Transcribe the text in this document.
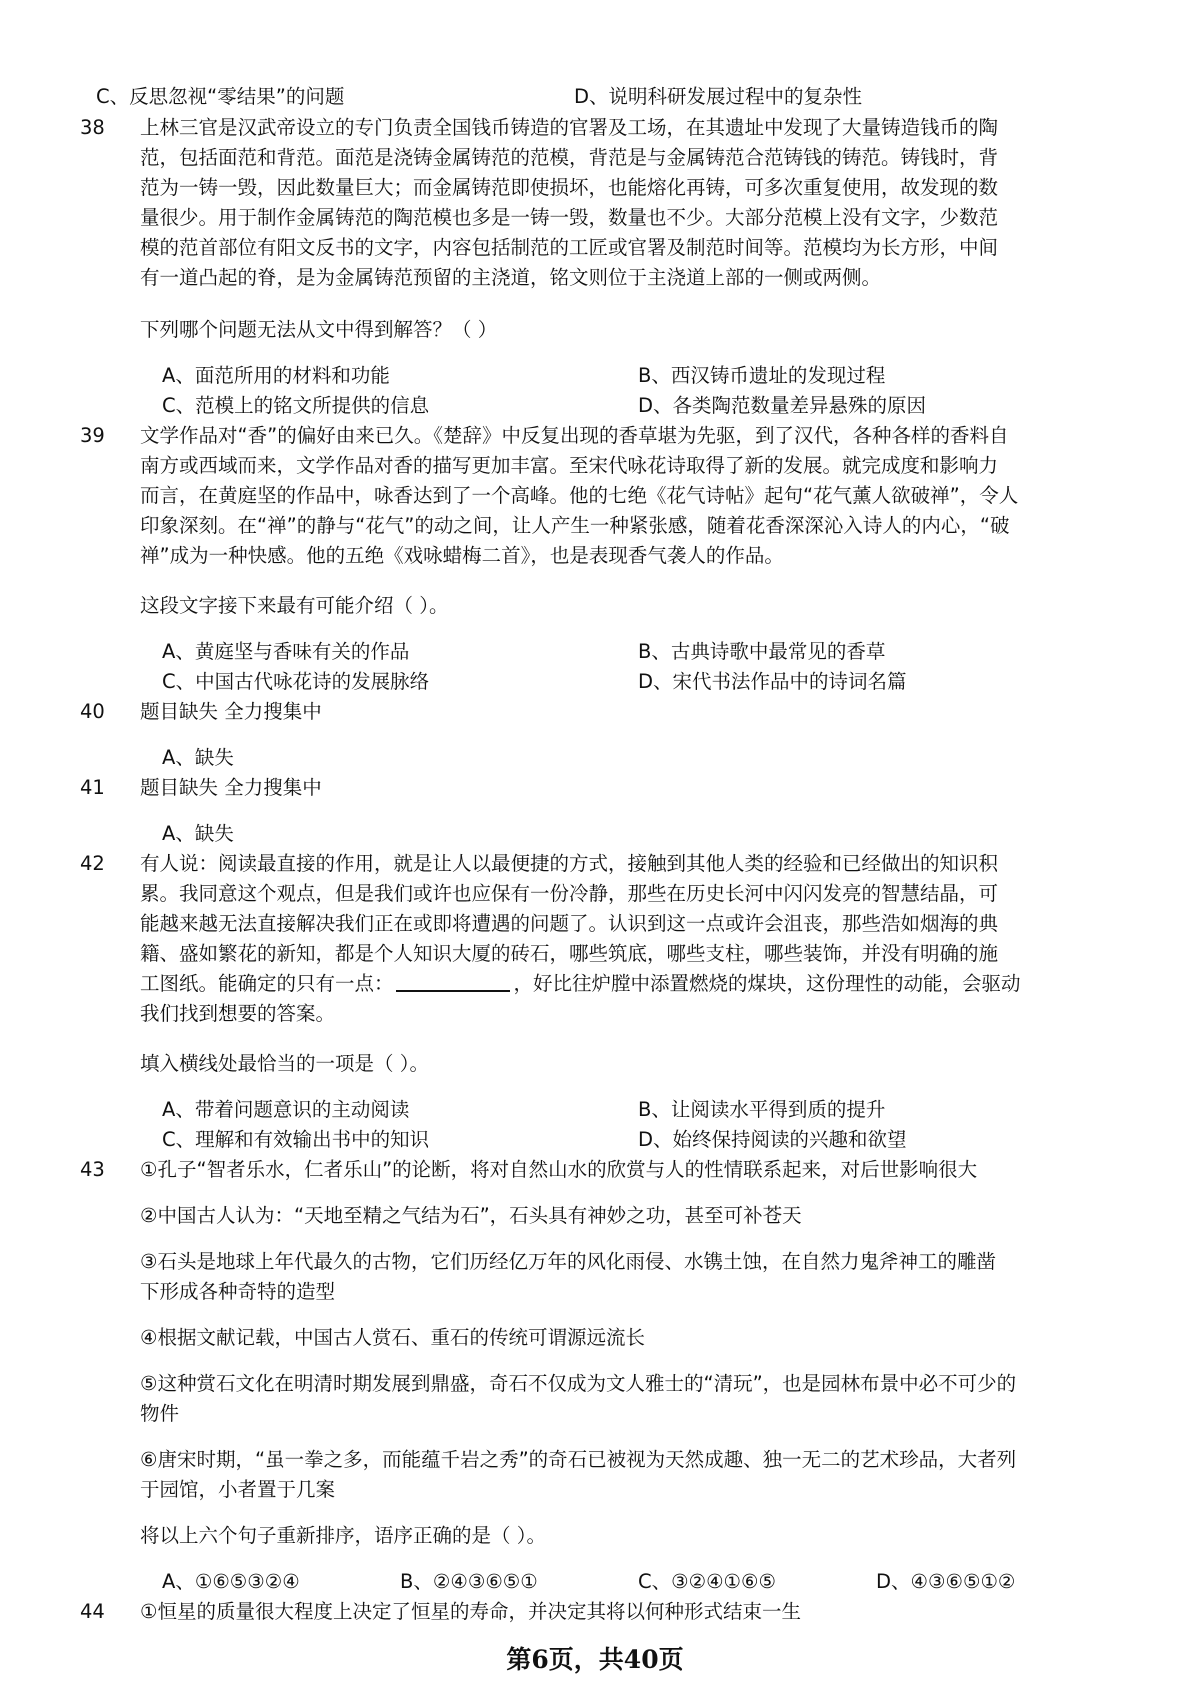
C、反思忽视“零结果”的问题	D、说明科研发展过程中的复杂性
38	上林三官是汉武帝设立的专门负责全国钱币铸造的官署及工场，在其遗址中发现了大量铸造钱币的陶
范，包括面范和背范。面范是浇铸金属铸范的范模，背范是与金属铸范合范铸钱的铸范。铸钱时，背
范为一铸一毁，因此数量巨大；而金属铸范即使损坏，也能熔化再铸，可多次重复使用，故发现的数
量很少。用于制作金属铸范的陶范模也多是一铸一毁，数量也不少。大部分范模上没有文字，少数范
模的范首部位有阳文反书的文字，内容包括制范的工匠或官署及制范时间等。范模均为长方形，中间
有一道凸起的脊，是为金属铸范预留的主浇道，铭文则位于主浇道上部的一侧或两侧。
下列哪个问题无法从文中得到解答？（ ）
A、面范所用的材料和功能	B、西汉铸币遗址的发现过程
C、范模上的铭文所提供的信息	D、各类陶范数量差异悬殊的原因
39	文学作品对“香”的偏好由来已久。《楚辞》中反复出现的香草堪为先驱，到了汉代，各种各样的香料自
南方或西域而来，文学作品对香的描写更加丰富。至宋代咏花诗取得了新的发展。就完成度和影响力
而言，在黄庭坚的作品中，咏香达到了一个高峰。他的七绝《花气诗帖》起句“花气薰人欲破禅”，令人
印象深刻。在“禅”的静与“花气”的动之间，让人产生一种紧张感，随着花香深深沁入诗人的内心，“破
禅”成为一种快感。他的五绝《戏咏蜡梅二首》，也是表现香气袭人的作品。
这段文字接下来最有可能介绍（ ）。
A、黄庭坚与香味有关的作品	B、古典诗歌中最常见的香草
C、中国古代咏花诗的发展脉络	D、宋代书法作品中的诗词名篇
40	题目缺失 全力搜集中
A、缺失
41	题目缺失 全力搜集中
A、缺失
42	有人说：阅读最直接的作用，就是让人以最便捷的方式，接触到其他人类的经验和已经做出的知识积
累。我同意这个观点，但是我们或许也应保有一份冷静，那些在历史长河中闪闪发亮的智慧结晶，可
能越来越无法直接解决我们正在或即将遭遇的问题了。认识到这一点或许会沮丧，那些浩如烟海的典
籍、盛如繁花的新知，都是个人知识大厦的砖石，哪些筑底，哪些支柱，哪些装饰，并没有明确的施
工图纸。能确定的只有一点：	，好比往炉膛中添置燃烧的煤块，这份理性的动能，会驱动
我们找到想要的答案。
填入横线处最恰当的一项是（ ）。
A、带着问题意识的主动阅读	B、让阅读水平得到质的提升
C、理解和有效输出书中的知识	D、始终保持阅读的兴趣和欲望
43	①孔子“智者乐水，仁者乐山”的论断，将对自然山水的欣赏与人的性情联系起来，对后世影响很大
②中国古人认为：“天地至精之气结为石”，石头具有神妙之功，甚至可补苍天
③石头是地球上年代最久的古物，它们历经亿万年的风化雨侵、水镌土蚀，在自然力鬼斧神工的雕凿
下形成各种奇特的造型
④根据文献记载，中国古人赏石、重石的传统可谓源远流长
⑤这种赏石文化在明清时期发展到鼎盛，奇石不仅成为文人雅士的“清玩”，也是园林布景中必不可少的
物件
⑥唐宋时期，“虽一拳之多，而能蕴千岩之秀”的奇石已被视为天然成趣、独一无二的艺术珍品，大者列
于园馆，小者置于几案
将以上六个句子重新排序，语序正确的是（ ）。
A、①⑥⑤③②④	B、②④③⑥⑤①	C、③②④①⑥⑤	D、④③⑥⑤①②
44	①恒星的质量很大程度上决定了恒星的寿命，并决定其将以何种形式结束一生
第6页，共40页
